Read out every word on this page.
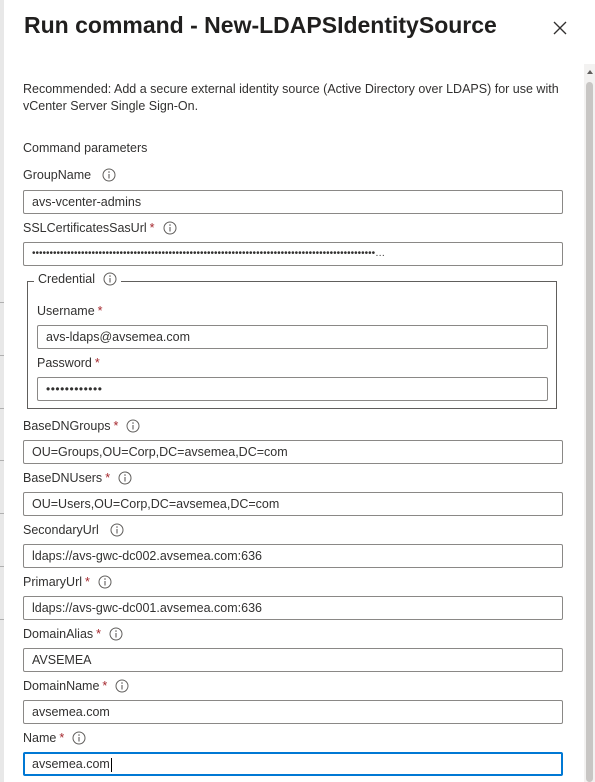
Run command - New-LDAPSIdentitySource
Recommended: Add a secure external identity source (Active Directory over LDAPS) for use with vCenter Server Single Sign-On.
Command parameters
GroupName
avs-vcenter-admins
SSLCertificatesSasUrl *
••••••••••••••••••••••••••••••••••••••••••••••••••••••••••••••••••••••••••••••••••••••••••••••••••…
Credential
Username *
avs-ldaps@avsemea.com
Password *
••••••••••••
BaseDNGroups *
OU=Groups,OU=Corp,DC=avsemea,DC=com
BaseDNUsers *
OU=Users,OU=Corp,DC=avsemea,DC=com
SecondaryUrl
ldaps://avs-gwc-dc002.avsemea.com:636
PrimaryUrl *
ldaps://avs-gwc-dc001.avsemea.com:636
DomainAlias *
AVSEMEA
DomainName *
avsemea.com
Name *
avsemea.com
